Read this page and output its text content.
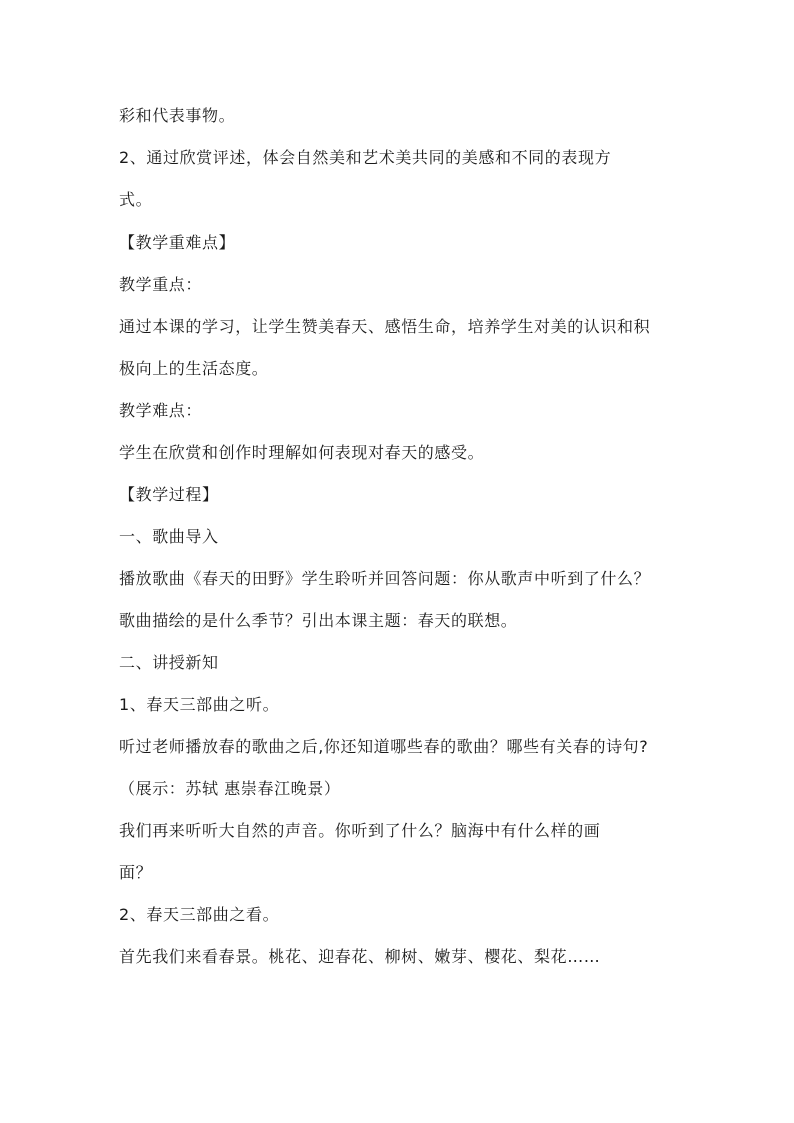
彩和代表事物。
2、通过欣赏评述，体会自然美和艺术美共同的美感和不同的表现方
式。
【教学重难点】
教学重点：
通过本课的学习，让学生赞美春天、感悟生命，培养学生对美的认识和积
极向上的生活态度。
教学难点：
学生在欣赏和创作时理解如何表现对春天的感受。
【教学过程】
一、歌曲导入
播放歌曲《春天的田野》学生聆听并回答问题：你从歌声中听到了什么？
歌曲描绘的是什么季节？引出本课主题：春天的联想。
二、讲授新知
1、春天三部曲之听。
听过老师播放春的歌曲之后,你还知道哪些春的歌曲？哪些有关春的诗句?
（展示：苏轼 惠崇春江晚景）
我们再来听听大自然的声音。你听到了什么？脑海中有什么样的画
面？
2、春天三部曲之看。
首先我们来看春景。桃花、迎春花、柳树、嫩芽、樱花、梨花……
